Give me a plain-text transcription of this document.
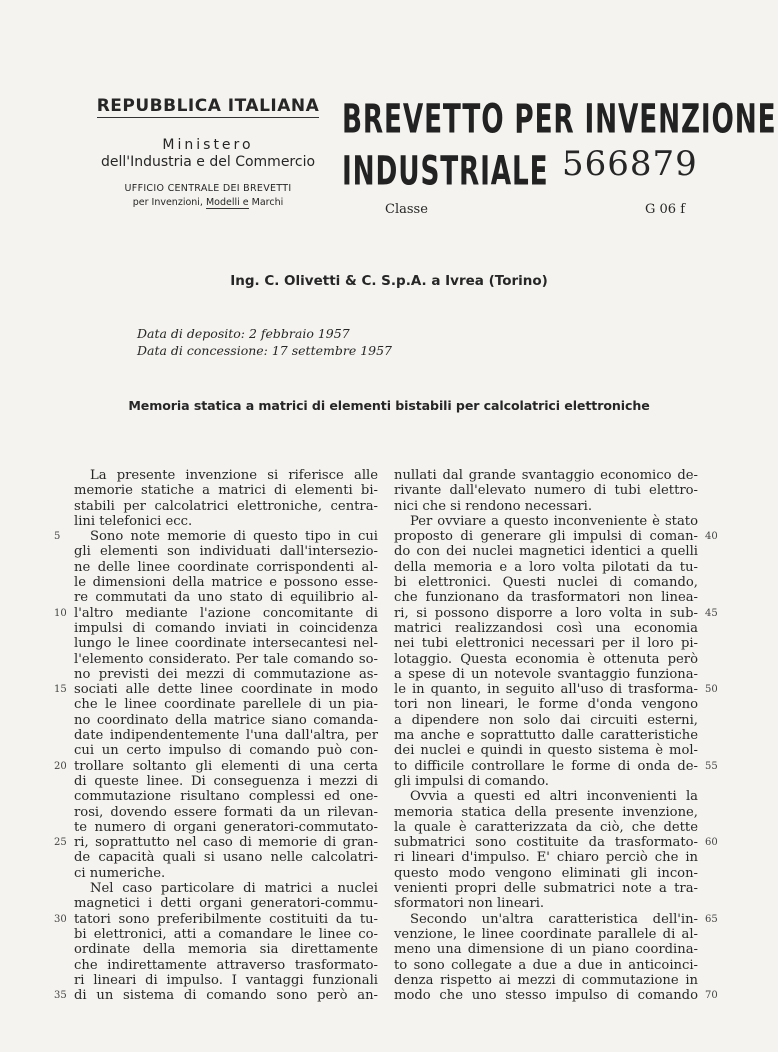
REPUBBLICA ITALIANA
Ministero
dell'Industria e del Commercio
UFFICIO CENTRALE DEI BREVETTI
per Invenzioni, Modelli e Marchi
BREVETTO PER INVENZIONE
INDUSTRIALE 566879
Classe	G 06 f
Ing. C. Olivetti & C. S.p.A. a Ivrea (Torino)
Data di deposito: 2 febbraio 1957
Data di concessione: 17 settembre 1957
Memoria statica a matrici di elementi bistabili per calcolatrici elettroniche

La presente invenzione si riferisce alle

memorie statiche a matrici di elementi bi-

stabili per calcolatrici elettroniche, centra-

lini telefonici ecc.

Sono note memorie di questo tipo in cui

gli elementi son individuati dall'intersezio-

ne delle linee coordinate corrispondenti al-

le dimensioni della matrice e possono esse-

re commutati da uno stato di equilibrio al-

l'altro mediante l'azione concomitante di

impulsi di comando inviati in coincidenza

lungo le linee coordinate intersecantesi nel-

l'elemento considerato. Per tale comando so-

no previsti dei mezzi di commutazione as-

sociati alle dette linee coordinate in modo

che le linee coordinate parellele di un pia-

no coordinato della matrice siano comanda-

date indipendentemente l'una dall'altra, per

cui un certo impulso di comando può con-

trollare soltanto gli elementi di una certa

di queste linee. Di conseguenza i mezzi di

commutazione risultano complessi ed one-

rosi, dovendo essere formati da un rilevan-

te numero di organi generatori-commutato-

ri, soprattutto nel caso di memorie di gran-

de capacità quali si usano nelle calcolatri-

ci numeriche.

Nel caso particolare di matrici a nuclei

magnetici i detti organi generatori-commu-

tatori sono preferibilmente costituiti da tu-

bi elettronici, atti a comandare le linee co-

ordinate della memoria sia direttamente

che indirettamente attraverso trasformato-

ri lineari di impulso. I vantaggi funzionali

di un sistema di comando sono però an-

nullati dal grande svantaggio economico de-

rivante dall'elevato numero di tubi elettro-

nici che si rendono necessari.

Per ovviare a questo inconveniente è stato

proposto di generare gli impulsi di coman-

do con dei nuclei magnetici identici a quelli

della memoria e a loro volta pilotati da tu-

bi elettronici. Questi nuclei di comando,

che funzionano da trasformatori non linea-

ri, si possono disporre a loro volta in sub-

matrici realizzandosi così una economia

nei tubi elettronici necessari per il loro pi-

lotaggio. Questa economia è ottenuta però

a spese di un notevole svantaggio funziona-

le in quanto, in seguito all'uso di trasforma-

tori non lineari, le forme d'onda vengono

a dipendere non solo dai circuiti esterni,

ma anche e soprattutto dalle caratteristiche

dei nuclei e quindi in questo sistema è mol-

to difficile controllare le forme di onda de-

gli impulsi di comando.

Ovvia a questi ed altri inconvenienti la

memoria statica della presente invenzione,

la quale è caratterizzata da ciò, che dette

submatrici sono costituite da trasformato-

ri lineari d'impulso. E' chiaro perciò che in

questo modo vengono eliminati gli incon-

venienti propri delle submatrici note a tra-

sformatori non lineari.

Secondo un'altra caratteristica dell'in-

venzione, le linee coordinate parallele di al-

meno una dimensione di un piano coordina-

to sono collegate a due a due in anticoinci-

denza rispetto ai mezzi di commutazione in

modo che uno stesso impulso di comando

5
10
15
20
25
30
35
40
45
50
55
60
65
70
